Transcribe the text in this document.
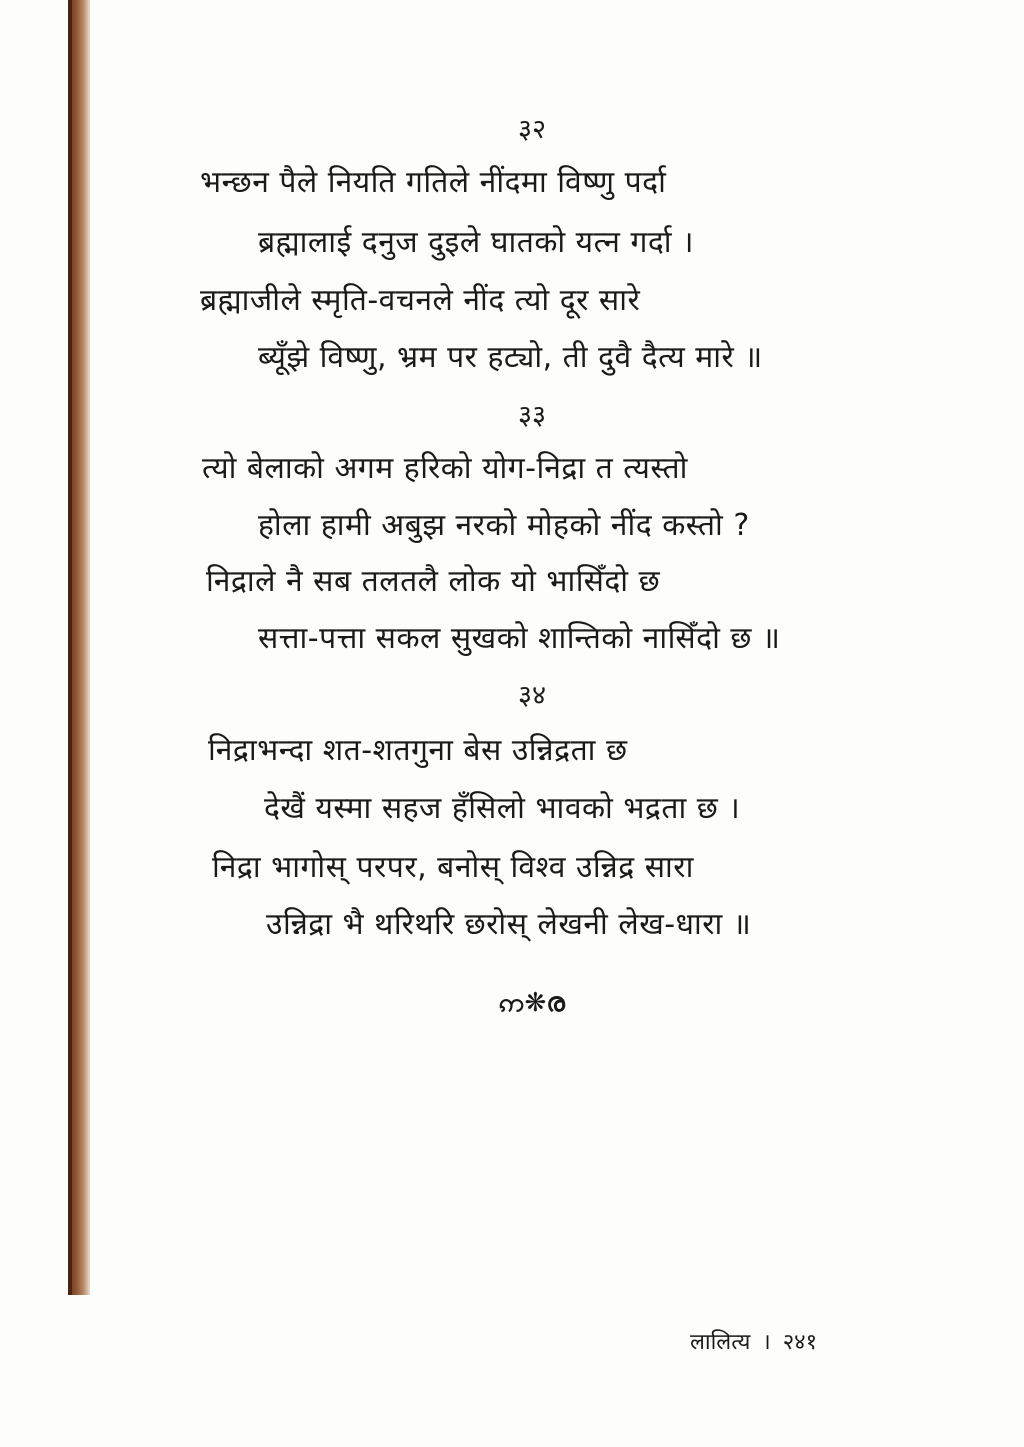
३२
भन्छन पैले नियति गतिले नींदमा विष्णु पर्दा
ब्रह्मालाई दनुज दुइले घातको यत्न गर्दा ।
ब्रह्माजीले स्मृति-वचनले नींद त्यो दूर सारे
ब्यूँझे विष्णु, भ्रम पर हट्यो, ती दुवै दैत्य मारे ॥
३३
त्यो बेलाको अगम हरिको योग-निद्रा त त्यस्तो
होला हामी अबुझ नरको मोहको नींद कस्तो ?
निद्राले नै सब तलतलै लोक यो भासिँदो छ
सत्ता-पत्ता सकल सुखको शान्तिको नासिँदो छ ॥
३४
निद्राभन्दा शत-शतगुना बेस उन्निद्रता छ
देखैं यस्मा सहज हँसिलो भावको भद्रता छ ।
निद्रा भागोस् परपर, बनोस् विश्व उन्निद्र सारा
उन्निद्रा भै थरिथरि छरोस् लेखनी लेख-धारा ॥
ဢ❋ര
लालित्य । २४१
